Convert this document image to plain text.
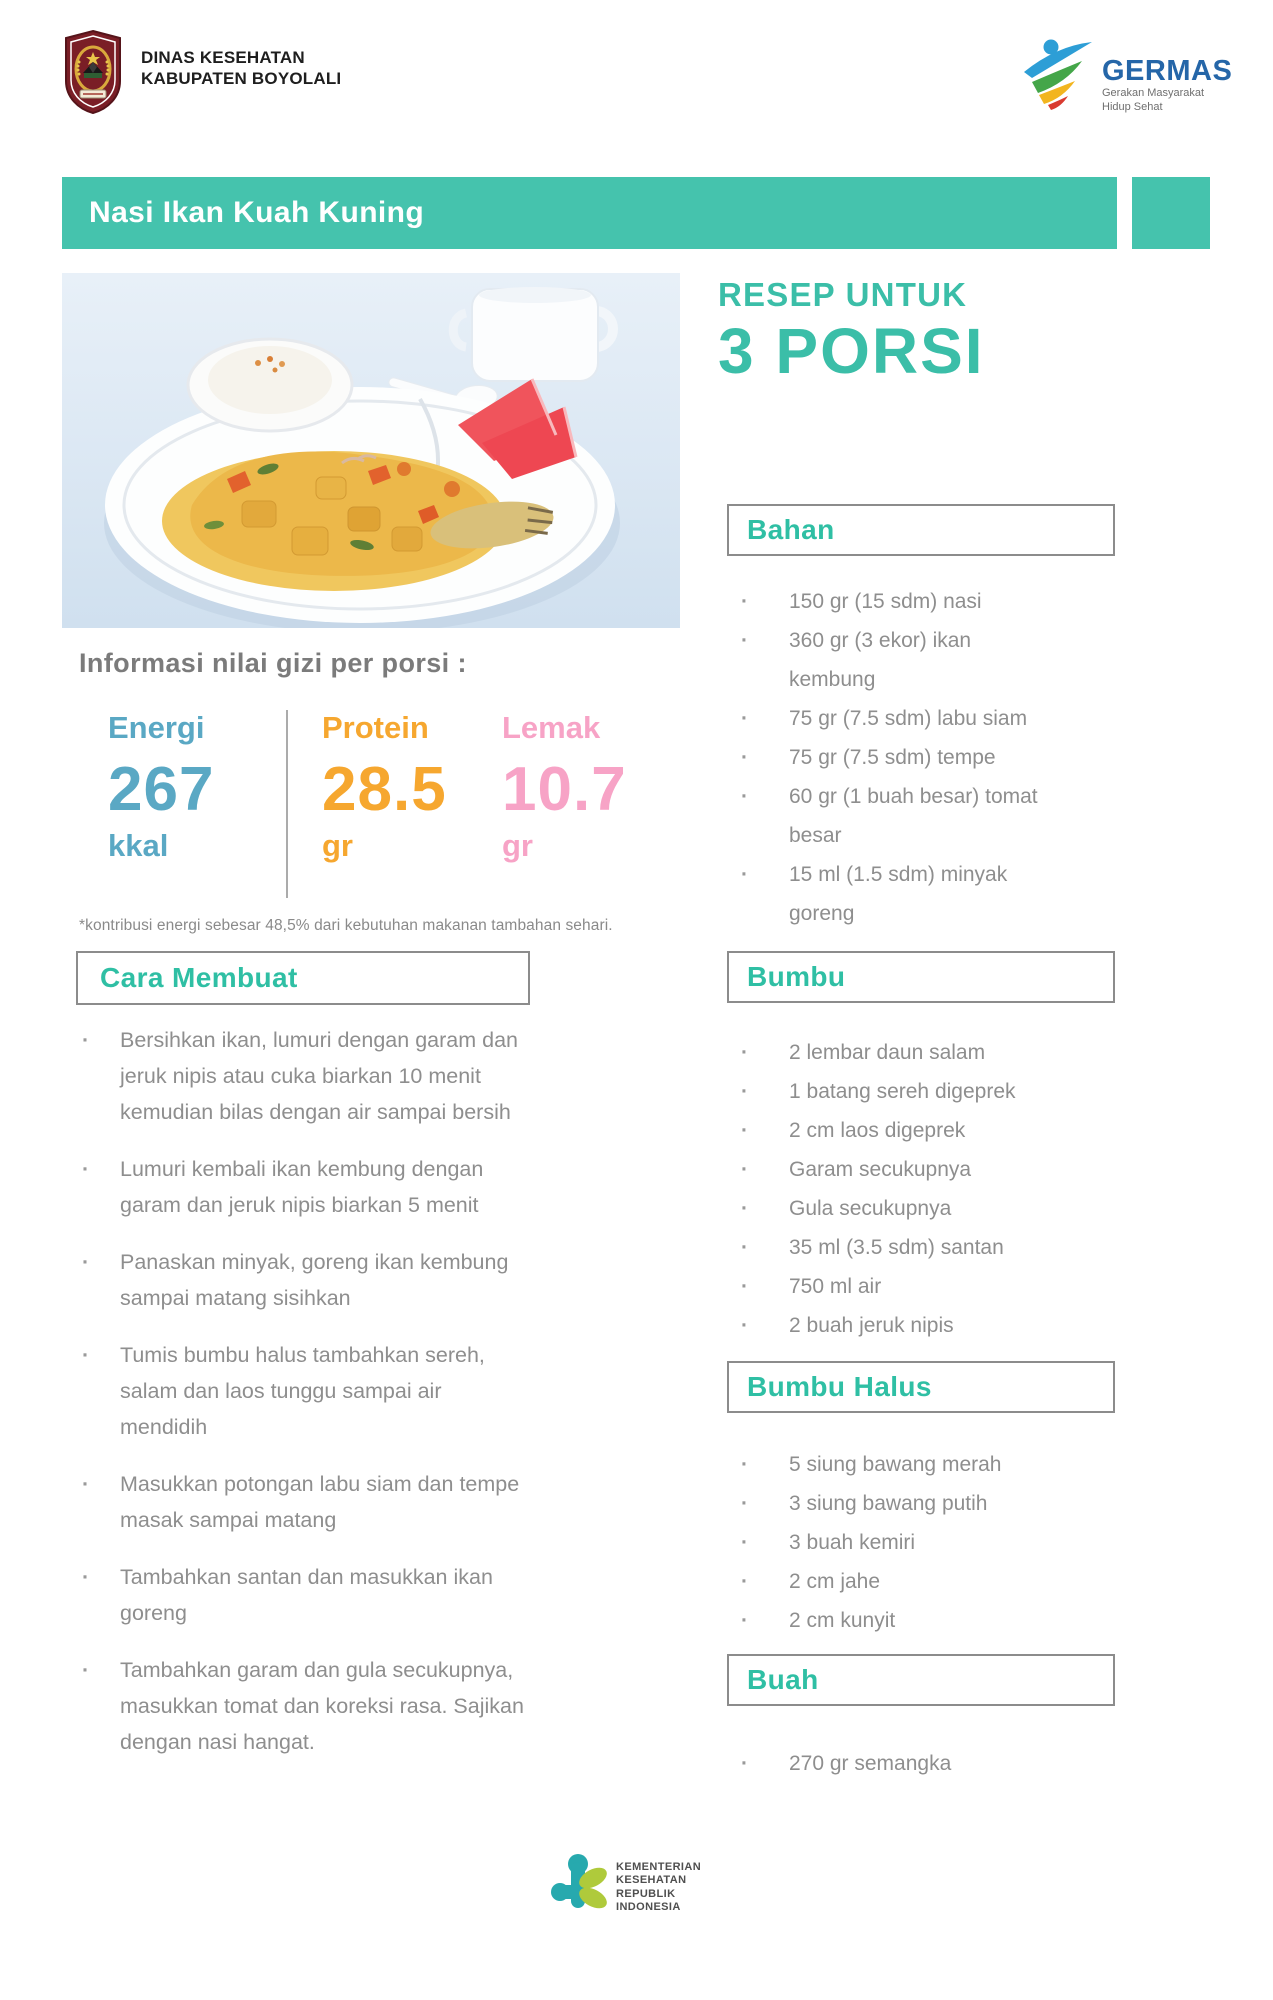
DINAS KESEHATAN
KABUPATEN BOYOLALI	GERMAS
Gerakan Masyarakat
Hidup Sehat
Nasi Ikan Kuah Kuning
RESEP UNTUK
3 PORSI
Informasi nilai gizi per porsi :
Energi
267
kkal
Protein
28.5
gr
Lemak
10.7
gr
*kontribusi energi sebesar 48,5% dari kebutuhan makanan tambahan sehari.
Cara Membuat
· Bersihkan ikan, lumuri dengan garam dan jeruk nipis atau cuka biarkan 10 menit kemudian bilas dengan air sampai bersih
· Lumuri kembali ikan kembung dengan garam dan jeruk nipis biarkan 5 menit
· Panaskan minyak, goreng ikan kembung sampai matang sisihkan
· Tumis bumbu halus tambahkan sereh, salam dan laos tunggu sampai air mendidih
· Masukkan potongan labu siam dan tempe masak sampai matang
· Tambahkan santan dan masukkan ikan goreng
· Tambahkan garam dan gula secukupnya, masukkan tomat dan koreksi rasa. Sajikan dengan nasi hangat.
Bahan
· 150 gr (15 sdm) nasi
· 360 gr (3 ekor) ikan kembung
· 75 gr (7.5 sdm) labu siam
· 75 gr (7.5 sdm) tempe
· 60 gr (1 buah besar) tomat besar
· 15 ml (1.5 sdm) minyak goreng
Bumbu
· 2 lembar daun salam
· 1 batang sereh digeprek
· 2 cm laos digeprek
· Garam secukupnya
· Gula secukupnya
· 35 ml (3.5 sdm) santan
· 750 ml air
· 2 buah jeruk nipis
Bumbu Halus
· 5 siung bawang merah
· 3 siung bawang putih
· 3 buah kemiri
· 2 cm jahe
· 2 cm kunyit
Buah
· 270 gr semangka
KEMENTERIAN
KESEHATAN
REPUBLIK
INDONESIA
